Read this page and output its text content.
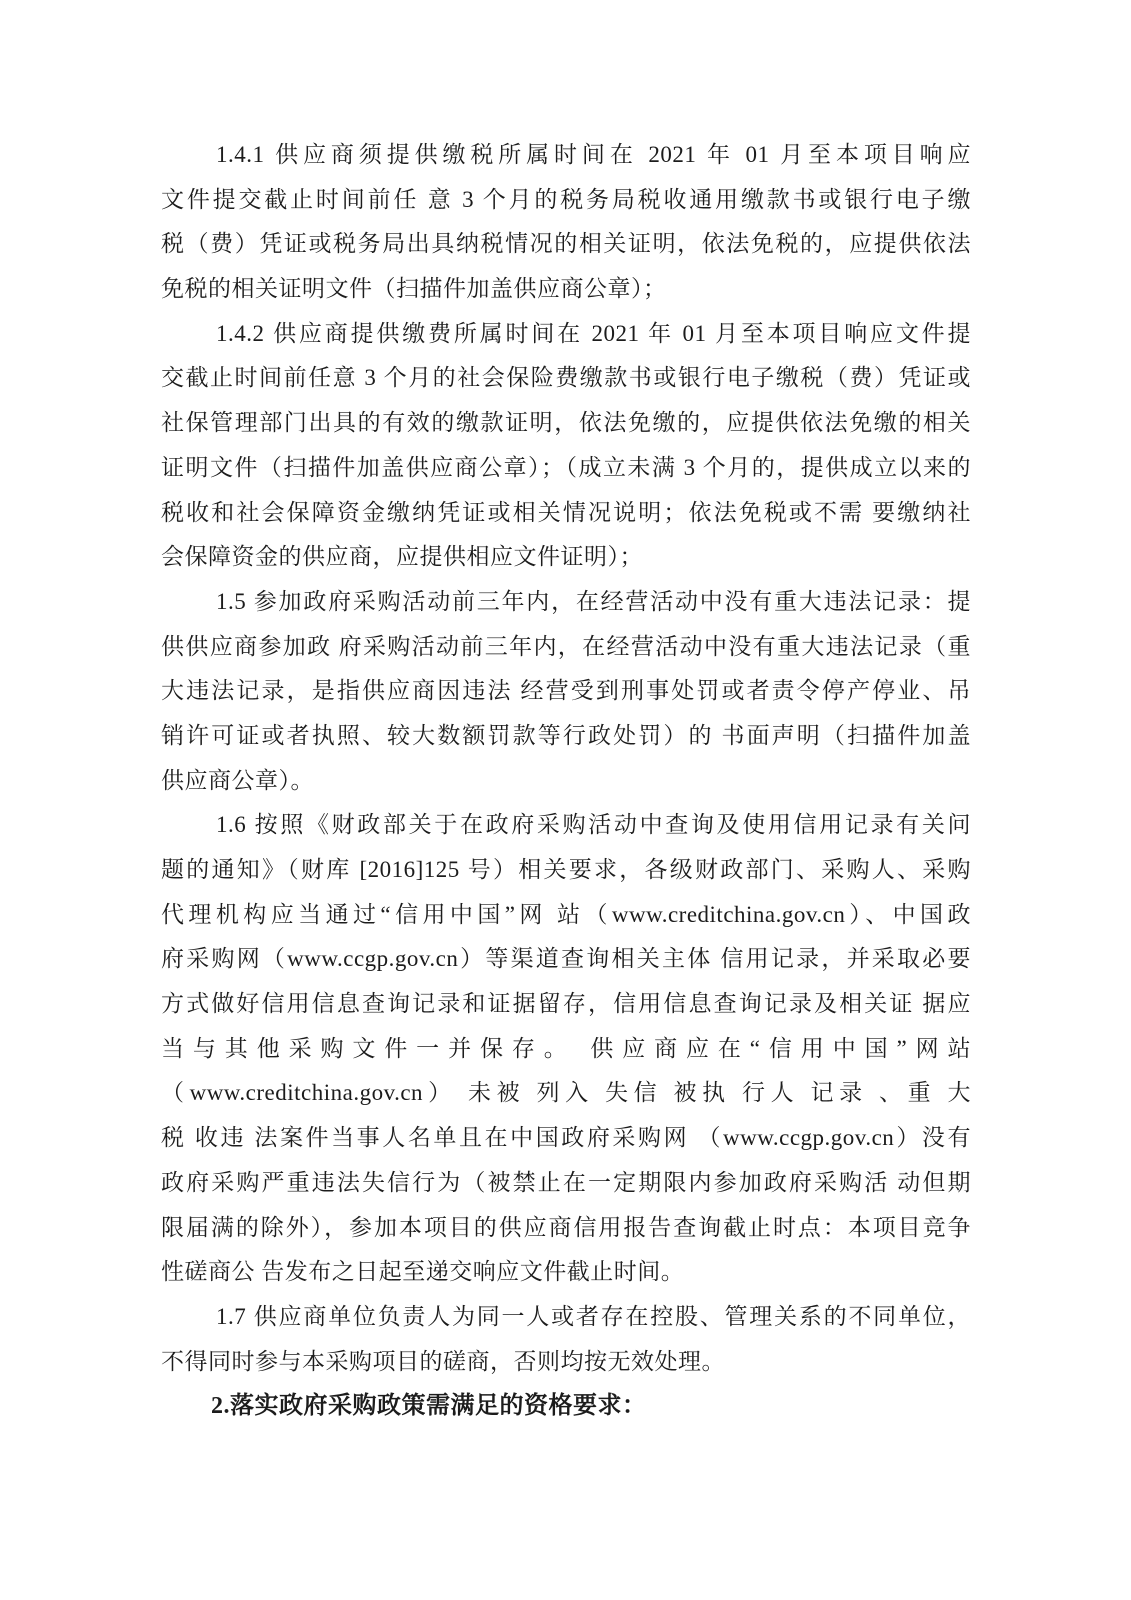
1.4.1 供应商须提供缴税所属时间在 2021 年 01 月至本项目响应
文件提交截止时间前任 意 3 个月的税务局税收通用缴款书或银行电子缴
税（费）凭证或税务局出具纳税情况的相关证明，依法免税的，应提供依法
免税的相关证明文件（扫描件加盖供应商公章）；

1.4.2 供应商提供缴费所属时间在 2021 年 01 月至本项目响应文件提
交截止时间前任意 3 个月的社会保险费缴款书或银行电子缴税（费）凭证或
社保管理部门出具的有效的缴款证明，依法免缴的，应提供依法免缴的相关
证明文件（扫描件加盖供应商公章）；（成立未满 3 个月的，提供成立以来的
税收和社会保障资金缴纳凭证或相关情况说明；依法免税或不需 要缴纳社
会保障资金的供应商，应提供相应文件证明）；

1.5 参加政府采购活动前三年内，在经营活动中没有重大违法记录：提
供供应商参加政 府采购活动前三年内，在经营活动中没有重大违法记录（重
大违法记录，是指供应商因违法 经营受到刑事处罚或者责令停产停业、吊
销许可证或者执照、较大数额罚款等行政处罚）的 书面声明（扫描件加盖
供应商公章）。

1.6 按照《财政部关于在政府采购活动中查询及使用信用记录有关问
题的通知》（财库 [2016]125 号）相关要求，各级财政部门、采购人、采购
代理机构应当通过“信用中国”网 站（www.creditchina.gov.cn）、中国政
府采购网（www.ccgp.gov.cn）等渠道查询相关主体 信用记录，并采取必要
方式做好信用信息查询记录和证据留存，信用信息查询记录及相关证 据应
当与其他采购文件一并保存。 供应商应在“信用中国”网站
（www.creditchina.gov.cn） 未被 列入 失信 被执 行人 记录 、重 大
税 收违 法案件当事人名单且在中国政府采购网 （www.ccgp.gov.cn）没有
政府采购严重违法失信行为（被禁止在一定期限内参加政府采购活 动但期
限届满的除外），参加本项目的供应商信用报告查询截止时点：本项目竞争
性磋商公 告发布之日起至递交响应文件截止时间。

1.7 供应商单位负责人为同一人或者存在控股、管理关系的不同单位，
不得同时参与本采购项目的磋商，否则均按无效处理。

2.落实政府采购政策需满足的资格要求：
